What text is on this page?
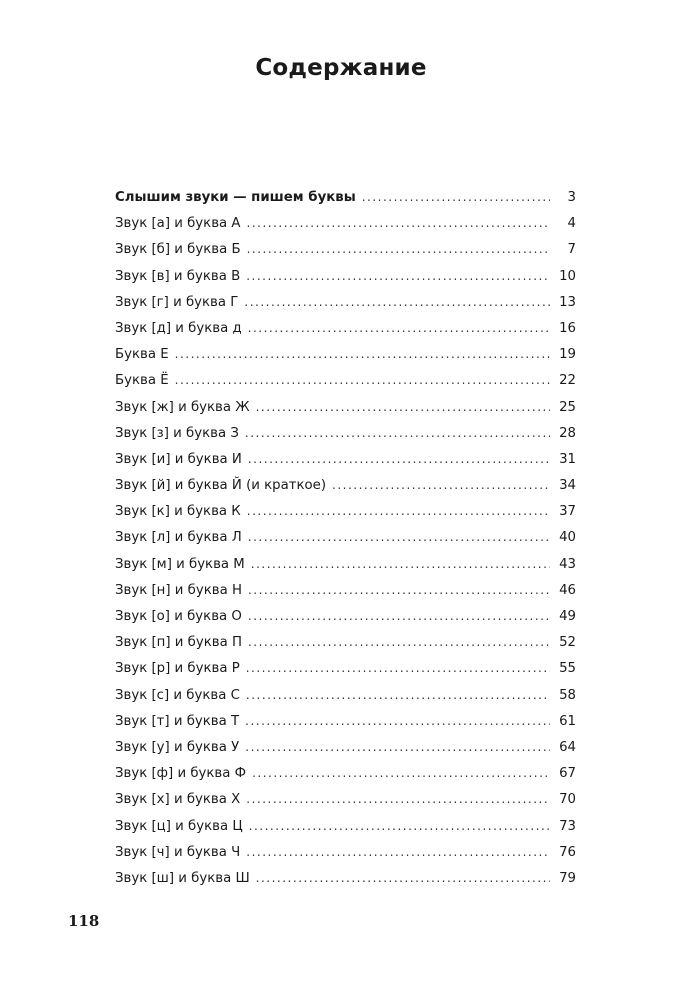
Содержание
Слышим звуки — пишем буквы .....	3
Звук [а] и буква А .....	4
Звук [б] и буква Б .....	7
Звук [в] и буква В .....	10
Звук [г] и буква Г .....	13
Звук [д] и буква д .....	16
Буква Е .....	19
Буква Ё .....	22
Звук [ж] и буква Ж .....	25
Звук [з] и буква З .....	28
Звук [и] и буква И .....	31
Звук [й] и буква Й (и краткое) .....	34
Звук [к] и буква К .....	37
Звук [л] и буква Л .....	40
Звук [м] и буква М .....	43
Звук [н] и буква Н .....	46
Звук [о] и буква О .....	49
Звук [п] и буква П .....	52
Звук [р] и буква Р .....	55
Звук [с] и буква С .....	58
Звук [т] и буква Т .....	61
Звук [у] и буква У .....	64
Звук [ф] и буква Ф .....	67
Звук [х] и буква Х .....	70
Звук [ц] и буква Ц .....	73
Звук [ч] и буква Ч .....	76
Звук [ш] и буква Ш .....	79

118
